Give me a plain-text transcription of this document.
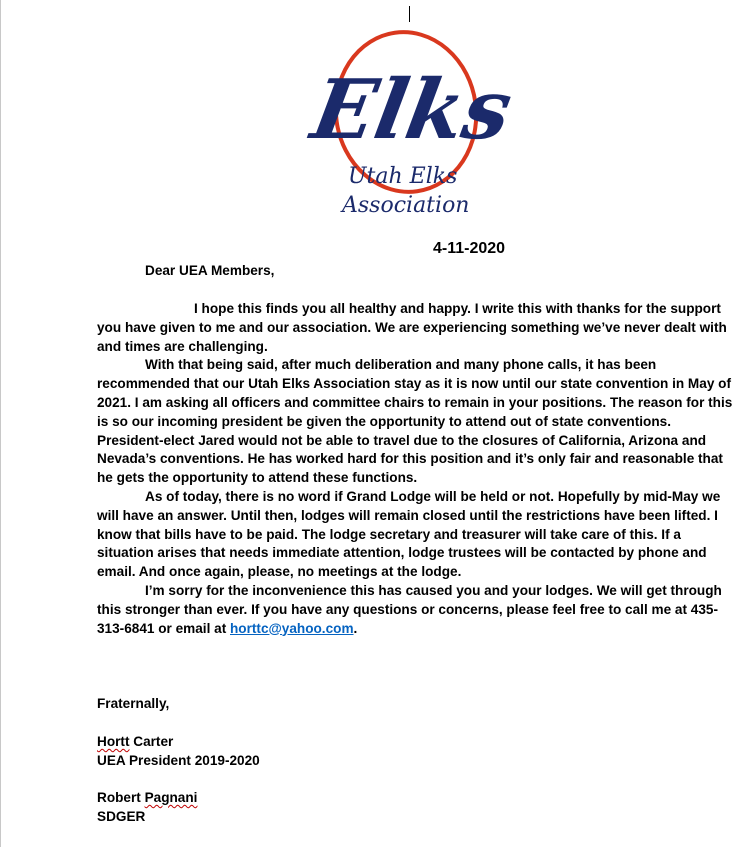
Elks
Utah Elks
Association
4-11-2020
Dear UEA Members,

I hope this finds you all healthy and happy. I write this with thanks for the support you have given to me and our association. We are experiencing something we’ve never dealt with and times are challenging.

With that being said, after much deliberation and many phone calls, it has been recommended that our Utah Elks Association stay as it is now until our state convention in May of 2021. I am asking all officers and committee chairs to remain in your positions. The reason for this is so our incoming president be given the opportunity to attend out of state conventions. President-elect Jared would not be able to travel due to the closures of California, Arizona and Nevada’s conventions. He has worked hard for this position and it’s only fair and reasonable that he gets the opportunity to attend these functions.

As of today, there is no word if Grand Lodge will be held or not. Hopefully by mid-May we will have an answer. Until then, lodges will remain closed until the restrictions have been lifted. I know that bills have to be paid. The lodge secretary and treasurer will take care of this. If a situation arises that needs immediate attention, lodge trustees will be contacted by phone and email. And once again, please, no meetings at the lodge.

I’m sorry for the inconvenience this has caused you and your lodges. We will get through this stronger than ever. If you have any questions or concerns, please feel free to call me at 435-313-6841 or email at horttc@yahoo.com.

Fraternally,
Hortt Carter
UEA President 2019-2020
Robert Pagnani
SDGER
